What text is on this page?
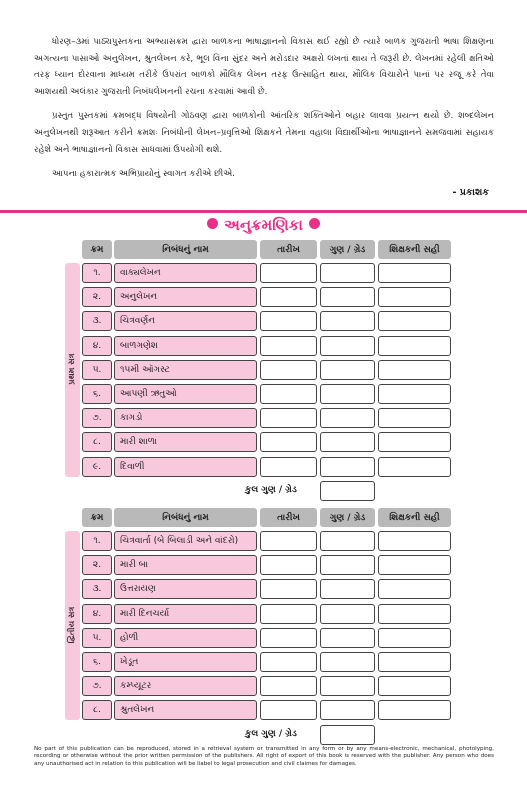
ધોરણ–૩માં પાઠ્યપુસ્તકના અભ્યાસક્રમ દ્વારા બાળકના ભાષાજ્ઞાનનો વિકાસ થઈ રહ્યો છે ત્યારે બાળક ગુજરાતી ભાષા શિક્ષણના અગત્યના પાસાઓ અનુલેખન, શ્રુતલેખન કરે, ભૂલ વિના સુંદર અને મરોડદાર અક્ષરો લખતાં થાય તે જરૂરી છે. લેખનમાં રહેલી ક્ષતિઓ તરફ ધ્યાન દોરવાના માધ્યમ તરીકે ઉપરાંત બાળકો મૌલિક લેખન તરફ ઉત્સાહિત થાય, મૌલિક વિચારોને પાનાં પર રજૂ કરે તેવા આશયથી અલંકાર ગુજરાતી નિબંધલેખનની રચના કરવામાં આવી છે.

પ્રસ્તુત પુસ્તકમાં ક્રમબદ્ધ વિષયોની ગોઠવણ દ્વારા બાળકોની આંતરિક શક્તિઓને બહાર લાવવા પ્રયત્ન થયો છે. શબ્દલેખન અનુલેખનથી શરૂઆત કરીને ક્રમશઃ નિબંધોની લેખન–પ્રવૃત્તિઓ શિક્ષકને તેમના વહાલા વિદ્યાર્થીઓના ભાષાજ્ઞાનને સમજવામાં સહાયક રહેશે અને ભાષાજ્ઞાનનો વિકાસ સાધવામાં ઉપયોગી થશે.

આપના હકારાત્મક અભિપ્રાયોનું સ્વાગત કરીએ છીએ.

- પ્રકાશક
અનુક્રમણિકા
ક્રમ	નિબંધનું નામ	તારીખ	ગુણ / ગ્રેડ	શિક્ષકની સહી
પ્રથમ સત્ર
૧.	વાક્યલેખન
૨.	અનુલેખન
૩.	ચિત્રવર્ણન
૪.	બાળગણેશ
૫.	૧૫મી ઑગસ્ટ
૬.	આપણી ઋતુઓ
૭.	કાગડો
૮.	મારી શાળા
૯.	દિવાળી
કુલ ગુણ / ગ્રેડ
ક્રમ	નિબંધનું નામ	તારીખ	ગુણ / ગ્રેડ	શિક્ષકની સહી
દ્વિતીય સત્ર
૧.	ચિત્રવાર્તા (બે બિલાડી અને વાંદરો)
૨.	મારી બા
૩.	ઉત્તરાયણ
૪.	મારી દિનચર્યા
૫.	હોળી
૬.	ખેડૂત
૭.	કમ્પ્યૂટર
૮.	શ્રુતલેખન
કુલ ગુણ / ગ્રેડ
No part of this publication can be reproduced, stored in a retrieval system or transmitted in any form or by any means-electronic, mechanical, photolyping, recording or otherwise without the prior written permission of the publishers. All right of export of this book is reserved with the publisher. Any person who does any unauthorised act in relation to this publication will be liabel to legal prosecution and civil claimes for damages.
